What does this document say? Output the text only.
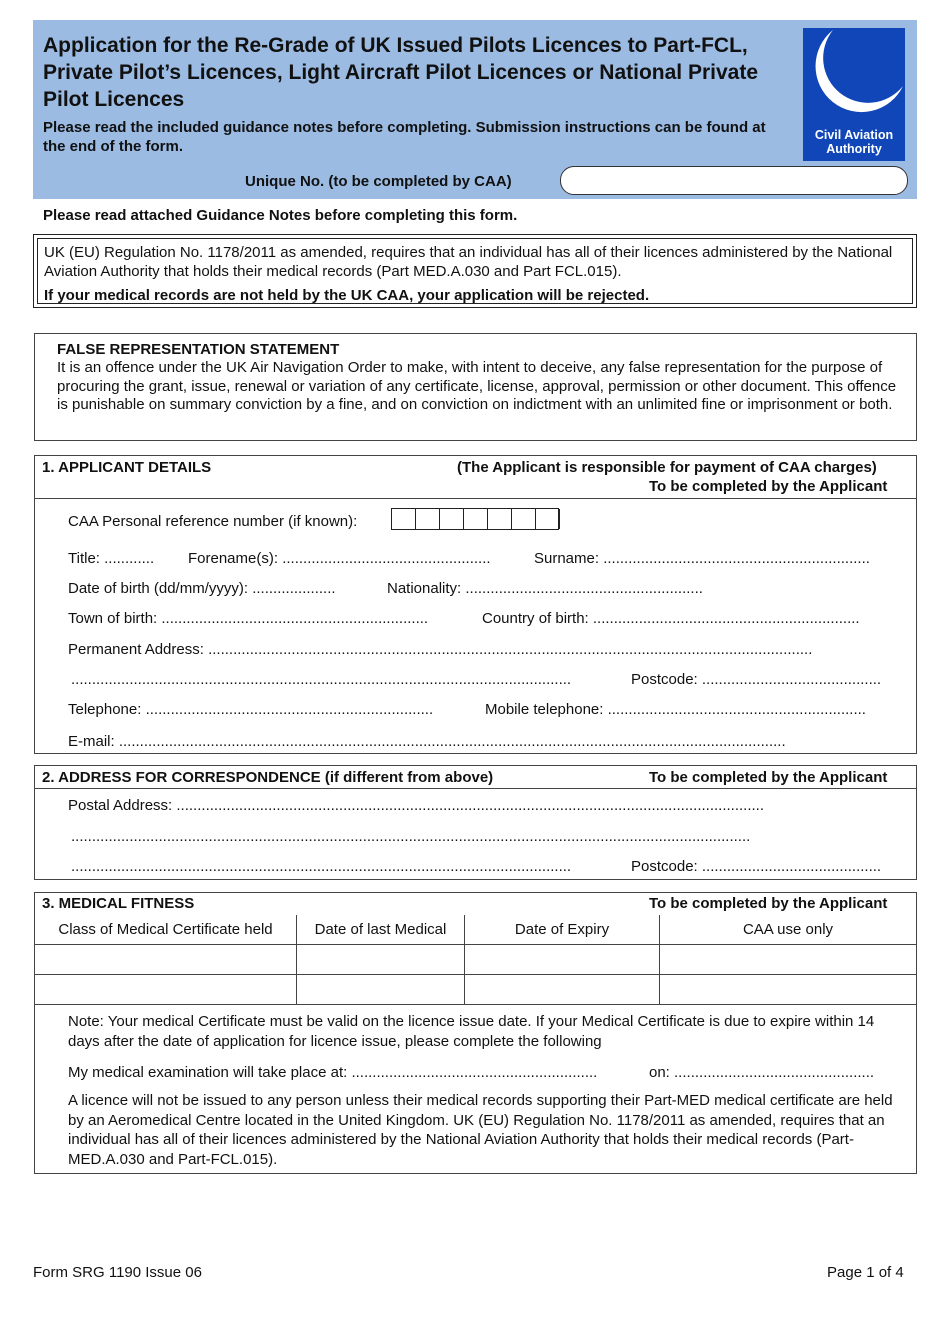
Application for the Re-Grade of UK Issued Pilots Licences to Part-FCL, Private Pilot’s Licences, Light Aircraft Pilot Licences or National Private Pilot Licences
Please read the included guidance notes before completing. Submission instructions can be found at the end of the form.
Civil Aviation
Authority
Unique No. (to be completed by CAA)
Please read attached Guidance Notes before completing this form.
UK (EU) Regulation No. 1178/2011 as amended, requires that an individual has all of their licences administered by the National Aviation Authority that holds their medical records (Part MED.A.030 and Part FCL.015).
If your medical records are not held by the UK CAA, your application will be rejected.
FALSE REPRESENTATION STATEMENT
It is an offence under the UK Air Navigation Order to make, with intent to deceive, any false representation for the purpose of procuring the grant, issue, renewal or variation of any certificate, license, approval, permission or other document. This offence is punishable on summary conviction by a fine, and on conviction on indictment with an unlimited fine or imprisonment or both.
1. APPLICANT DETAILS	(The Applicant is responsible for payment of CAA charges)
To be completed by the Applicant
CAA Personal reference number (if known):
Title: ............ Forename(s): ..................................................	Surname: ................................................................
Date of birth (dd/mm/yyyy): ....................	Nationality: .........................................................
Town of birth: ................................................................	Country of birth: ................................................................
Permanent Address: .................................................................................................................................................
........................................................................................................................	Postcode: ...........................................
Telephone: .....................................................................	Mobile telephone: ..............................................................
E-mail: ................................................................................................................................................................
2. ADDRESS FOR CORRESPONDENCE (if different from above)	To be completed by the Applicant
Postal Address: .............................................................................................................................................
...................................................................................................................................................................
........................................................................................................................	Postcode: ...........................................
3. MEDICAL FITNESS	To be completed by the Applicant
Class of Medical Certificate held	Date of last Medical	Date of Expiry	CAA use only

Note: Your medical Certificate must be valid on the licence issue date. If your Medical Certificate is due to expire within 14 days after the date of application for licence issue, please complete the following
My medical examination will take place at: ...........................................................	on: ................................................
A licence will not be issued to any person unless their medical records supporting their Part-MED medical certificate are held by an Aeromedical Centre located in the United Kingdom. UK (EU) Regulation No. 1178/2011 as amended, requires that an individual has all of their licences administered by the National Aviation Authority that holds their medical records (Part-MED.A.030 and Part-FCL.015).
Form SRG 1190 Issue 06	Page 1 of 4
